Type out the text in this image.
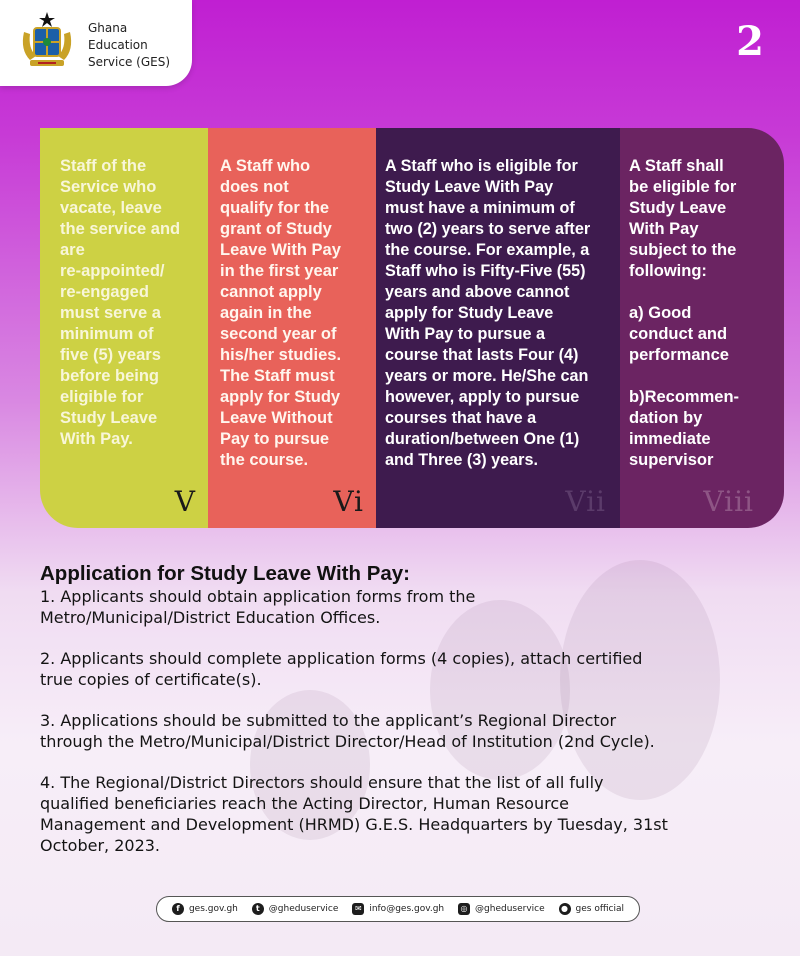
Ghana Education Service (GES)	2
Staff of the
Service who
vacate, leave
the service and
are
re-appointed/
re-engaged
must serve a
minimum of
five (5) years
before being
eligible for
Study Leave
With Pay.
V
A Staff who
does not
qualify for the
grant of Study
Leave With Pay
in the first year
cannot apply
again in the
second year of
his/her studies.
The Staff must
apply for Study
Leave Without
Pay to pursue
the course.
Vi
A Staff who is eligible for
Study Leave With Pay
must have a minimum of
two (2) years to serve after
the course. For example, a
Staff who is Fifty-Five (55)
years and above cannot
apply for Study Leave
With Pay to pursue a
course that lasts Four (4)
years or more. He/She can
however, apply to pursue
courses that have a
duration/between One (1)
and Three (3) years.
Vii
A Staff shall
be eligible for
Study Leave
With Pay
subject to the
following:

a) Good
conduct and
performance

b)Recommen-
dation by
immediate
supervisor
Viii
Application for Study Leave With Pay:

1. Applicants should obtain application forms from the
Metro/Municipal/District Education Offices.

2. Applicants should complete application forms (4 copies), attach certified
true copies of certificate(s).

3. Applications should be submitted to the applicant’s Regional Director
through the Metro/Municipal/District Director/Head of Institution (2nd Cycle).

4. The Regional/District Directors should ensure that the list of all fully
qualified beneficiaries reach the Acting Director, Human Resource
Management and Development (HRMD) G.E.S. Headquarters by Tuesday, 31st
October, 2023.

f	ges.gov.gh	t	@gheduservice	✉ info@ges.gov.gh	◎ @gheduservice	● ges official
